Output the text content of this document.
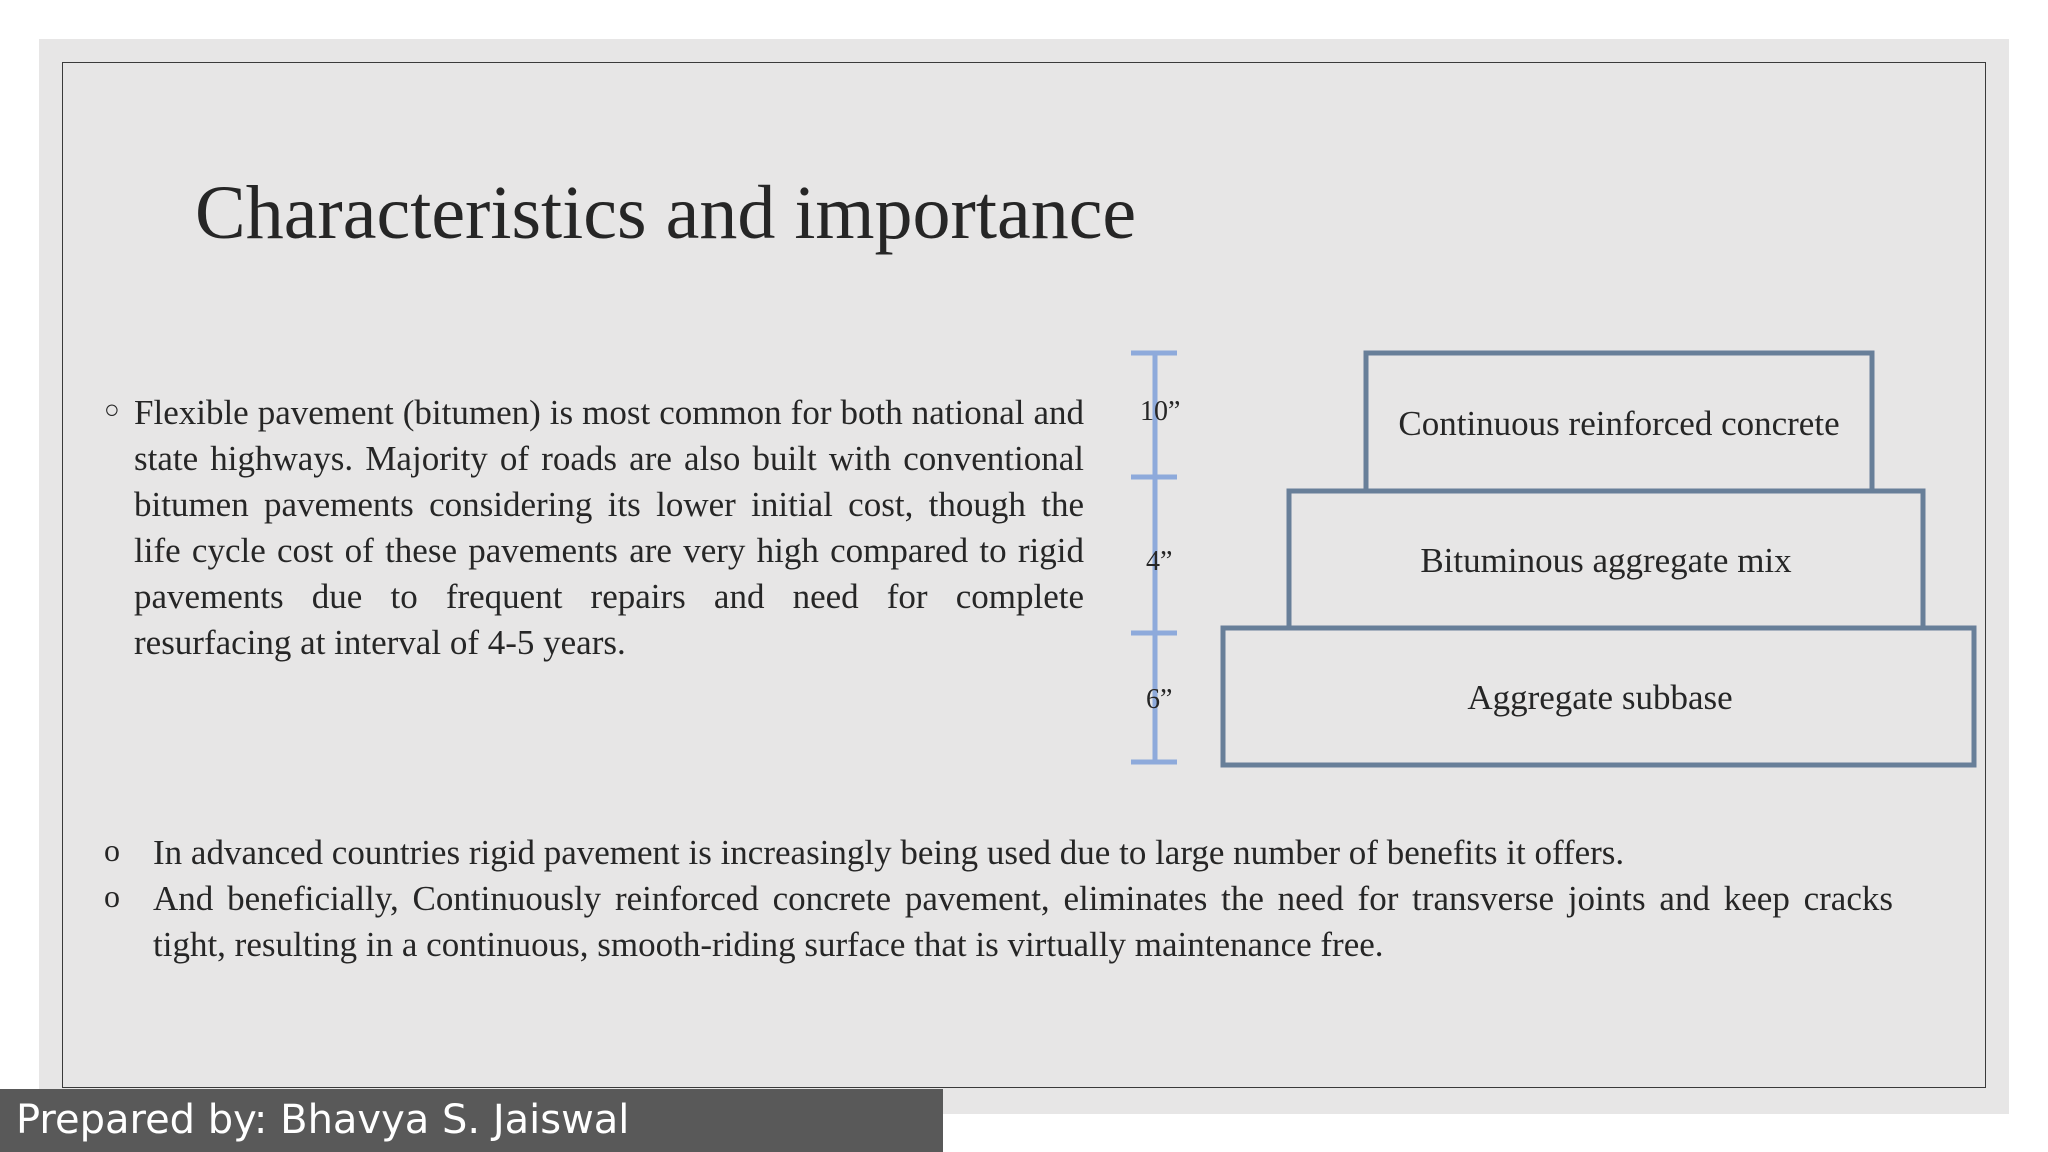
Characteristics and importance
○ Flexible pavement (bitumen) is most common for both national and state highways. Majority of roads are also built with conventional bitumen pavements considering its lower initial cost, though the life cycle cost of these pavements are very high compared to rigid pavements due to frequent repairs and need for complete resurfacing at interval of 4-5 years.

10”
4”
6”
Continuous reinforced concrete
Bituminous aggregate mix
Aggregate subbase
o In advanced countries rigid pavement is increasingly being used due to large number of benefits it offers.

o And beneficially, Continuously reinforced concrete pavement, eliminates the need for transverse joints and keep cracks tight, resulting in a continuous, smooth-riding surface that is virtually maintenance free.

Prepared by: Bhavya S. Jaiswal
